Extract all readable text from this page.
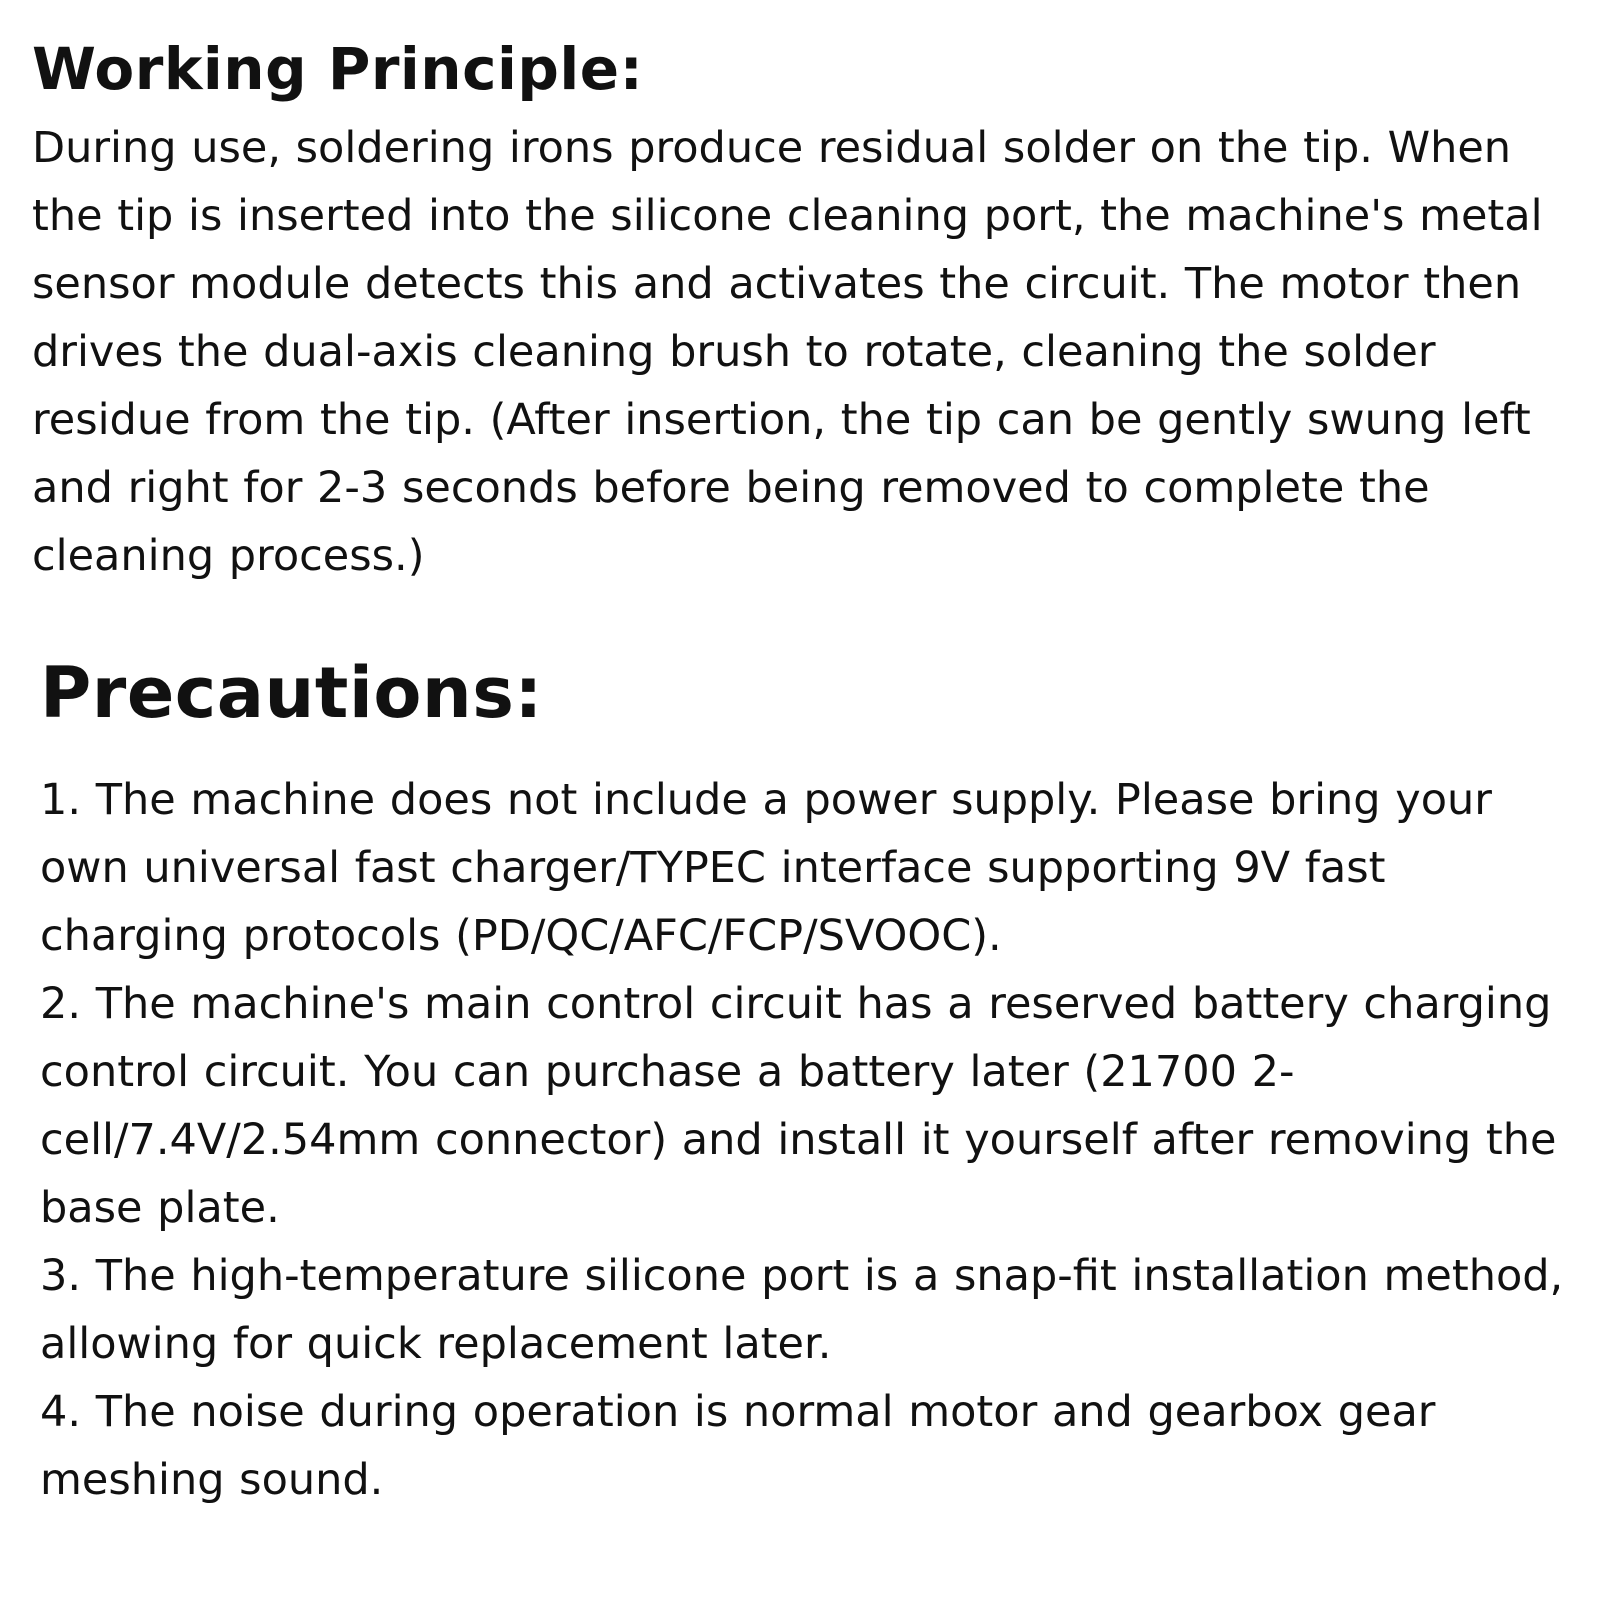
Working Principle:

During use, soldering irons produce residual solder on the tip. When the tip is inserted into the silicone cleaning port, the machine's metal sensor module detects this and activates the circuit. The motor then drives the dual-axis cleaning brush to rotate, cleaning the solder residue from the tip. (After insertion, the tip can be gently swung left and right for 2-3 seconds before being removed to complete the cleaning process.)

Precautions:
1. The machine does not include a power supply. Please bring your own universal fast charger/TYPEC interface supporting 9V fast charging protocols (PD/QC/AFC/FCP/SVOOC).
2. The machine's main control circuit has a reserved battery charging control circuit. You can purchase a battery later (21700 2-cell/7.4V/2.54mm connector) and install it yourself after removing the base plate.
3. The high-temperature silicone port is a snap-fit installation method, allowing for quick replacement later.
4. The noise during operation is normal motor and gearbox gear meshing sound.
